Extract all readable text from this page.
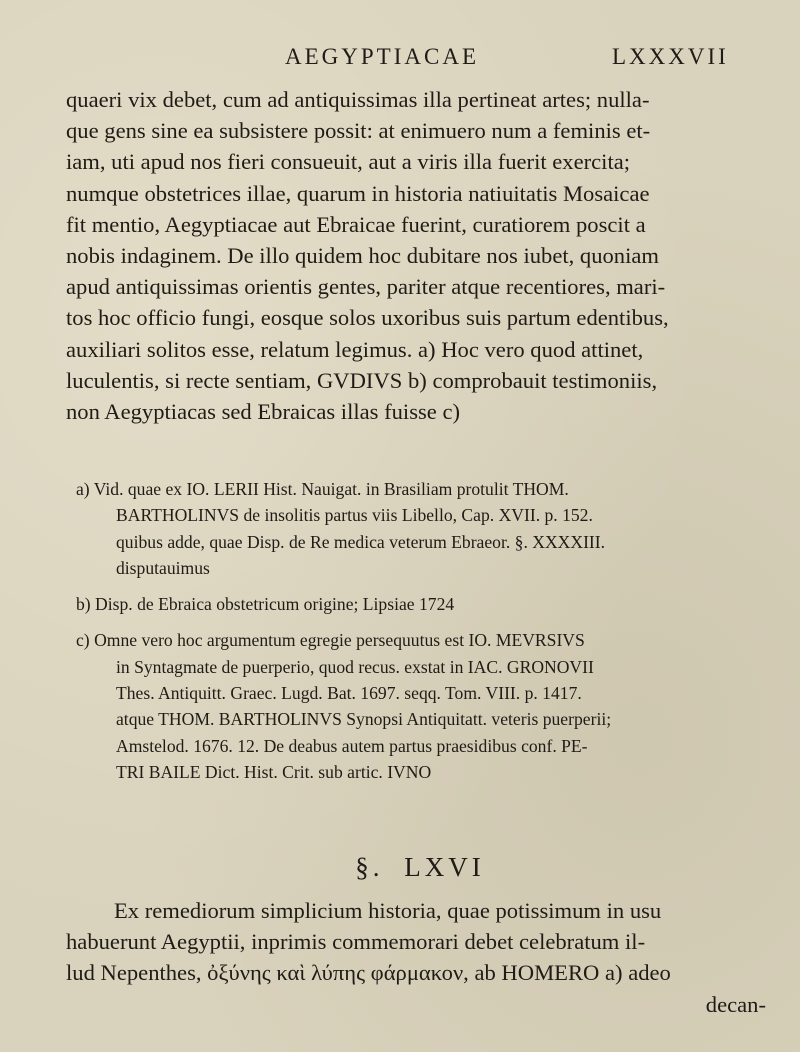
AEGYPTIACAE	LXXXVII
quaeri vix debet, cum ad antiquissimas illa pertineat artes; nulla-
que gens sine ea subsistere possit: at enimuero num a feminis et-
iam, uti apud nos fieri consueuit, aut a viris illa fuerit exercita;
numque obstetrices illae, quarum in historia natiuitatis Mosaicae
fit mentio, Aegyptiacae aut Ebraicae fuerint, curatiorem poscit a
nobis indaginem. De illo quidem hoc dubitare nos iubet, quoniam
apud antiquissimas orientis gentes, pariter atque recentiores, mari-
tos hoc officio fungi, eosque solos uxoribus suis partum edentibus,
auxiliari solitos esse, relatum legimus. a) Hoc vero quod attinet,
luculentis, si recte sentiam, GVDIVS b) comprobauit testimoniis,
non Aegyptiacas sed Ebraicas illas fuisse c)
a) Vid. quae ex IO. LERII Hist. Nauigat. in Brasiliam protulit THOM.
BARTHOLINVS de insolitis partus viis Libello, Cap. XVII. p. 152.
quibus adde, quae Disp. de Re medica veterum Ebraeor. §. XXXXIII.
disputauimus
b) Disp. de Ebraica obstetricum origine; Lipsiae 1724
c) Omne vero hoc argumentum egregie persequutus est IO. MEVRSIVS
in Syntagmate de puerperio, quod recus. exstat in IAC. GRONOVII
Thes. Antiquitt. Graec. Lugd. Bat. 1697. seqq. Tom. VIII. p. 1417.
atque THOM. BARTHOLINVS Synopsi Antiquitatt. veteris puerperii;
Amstelod. 1676. 12. De deabus autem partus praesidibus conf. PE-
TRI BAILE Dict. Hist. Crit. sub artic. IVNO
§. LXVI
Ex remediorum simplicium historia, quae potissimum in usu
habuerunt Aegyptii, inprimis commemorari debet celebratum il-
lud Nepenthes, ὀξύνης καὶ λύπης φάρμακον, ab HOMERO a) adeo
decan-
